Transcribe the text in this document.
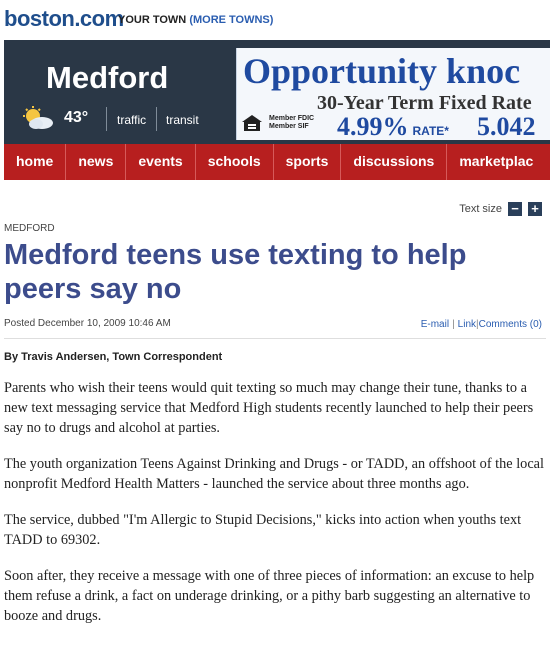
boston.com
YOUR TOWN (MORE TOWNS)
Medford
43° traffic transit
Opportunity knoc
30-Year Term Fixed Rate
Member FDIC
Member SIF 4.99% RATE* 5.042
home	news	events	schools	sports	discussions	marketplac
Text size − +
MEDFORD
Medford teens use texting to help peers say no
Posted December 10, 2009 10:46 AM	E-mail | Link|Comments (0)
By Travis Andersen, Town Correspondent

Parents who wish their teens would quit texting so much may change their tune, thanks to a new text messaging service that Medford High students recently launched to help their peers say no to drugs and alcohol at parties.

The youth organization Teens Against Drinking and Drugs - or TADD, an offshoot of the local nonprofit Medford Health Matters - launched the service about three months ago.

The service, dubbed "I'm Allergic to Stupid Decisions," kicks into action when youths text TADD to 69302.

Soon after, they receive a message with one of three pieces of information: an excuse to help them refuse a drink, a fact on underage drinking, or a pithy barb suggesting an alternative to booze and drugs.
